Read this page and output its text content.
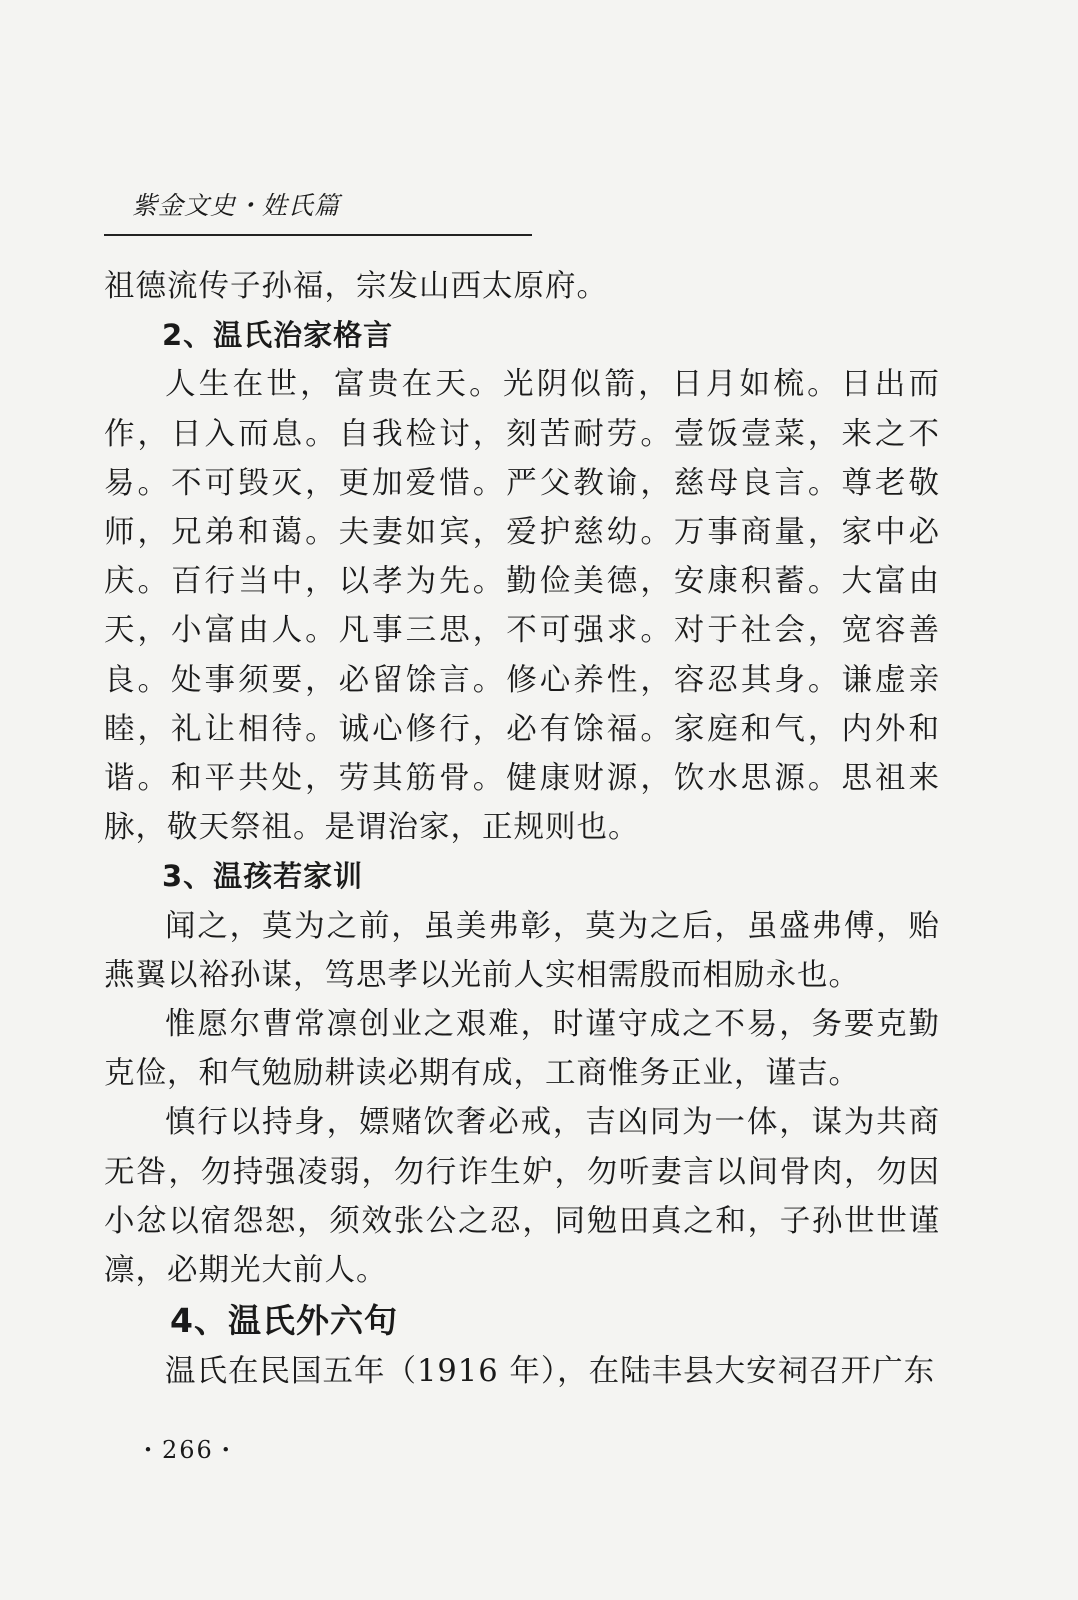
紫金文史・姓氏篇

祖德流传子孙福，宗发山西太原府。

2、温氏治家格言

人生在世，富贵在天。光阴似箭，日月如梳。日出而作，日入而息。自我检讨，刻苦耐劳。壹饭壹菜，来之不易。不可毁灭，更加爱惜。严父教谕，慈母良言。尊老敬师，兄弟和蔼。夫妻如宾，爱护慈幼。万事商量，家中必庆。百行当中，以孝为先。勤俭美德，安康积蓄。大富由天，小富由人。凡事三思，不可强求。对于社会，宽容善良。处事须要，必留馀言。修心养性，容忍其身。谦虚亲睦，礼让相待。诚心修行，必有馀福。家庭和气，内外和谐。和平共处，劳其筋骨。健康财源，饮水思源。思祖来脉，敬天祭祖。是谓治家，正规则也。

3、温孩若家训

闻之，莫为之前，虽美弗彰，莫为之后，虽盛弗傅，贻燕翼以裕孙谋，笃思孝以光前人实相需殷而相励永也。

惟愿尔曹常凛创业之艰难，时谨守成之不易，务要克勤克俭，和气勉励耕读必期有成，工商惟务正业，谨吉。

慎行以持身，嫖赌饮奢必戒，吉凶同为一体，谋为共商无咎，勿持强凌弱，勿行诈生妒，勿听妻言以间骨肉，勿因小忿以宿怨恕，须效张公之忍，同勉田真之和，子孙世世谨凛，必期光大前人。

4、温氏外六句

温氏在民国五年（1916 年），在陆丰县大安祠召开广东

・266・
